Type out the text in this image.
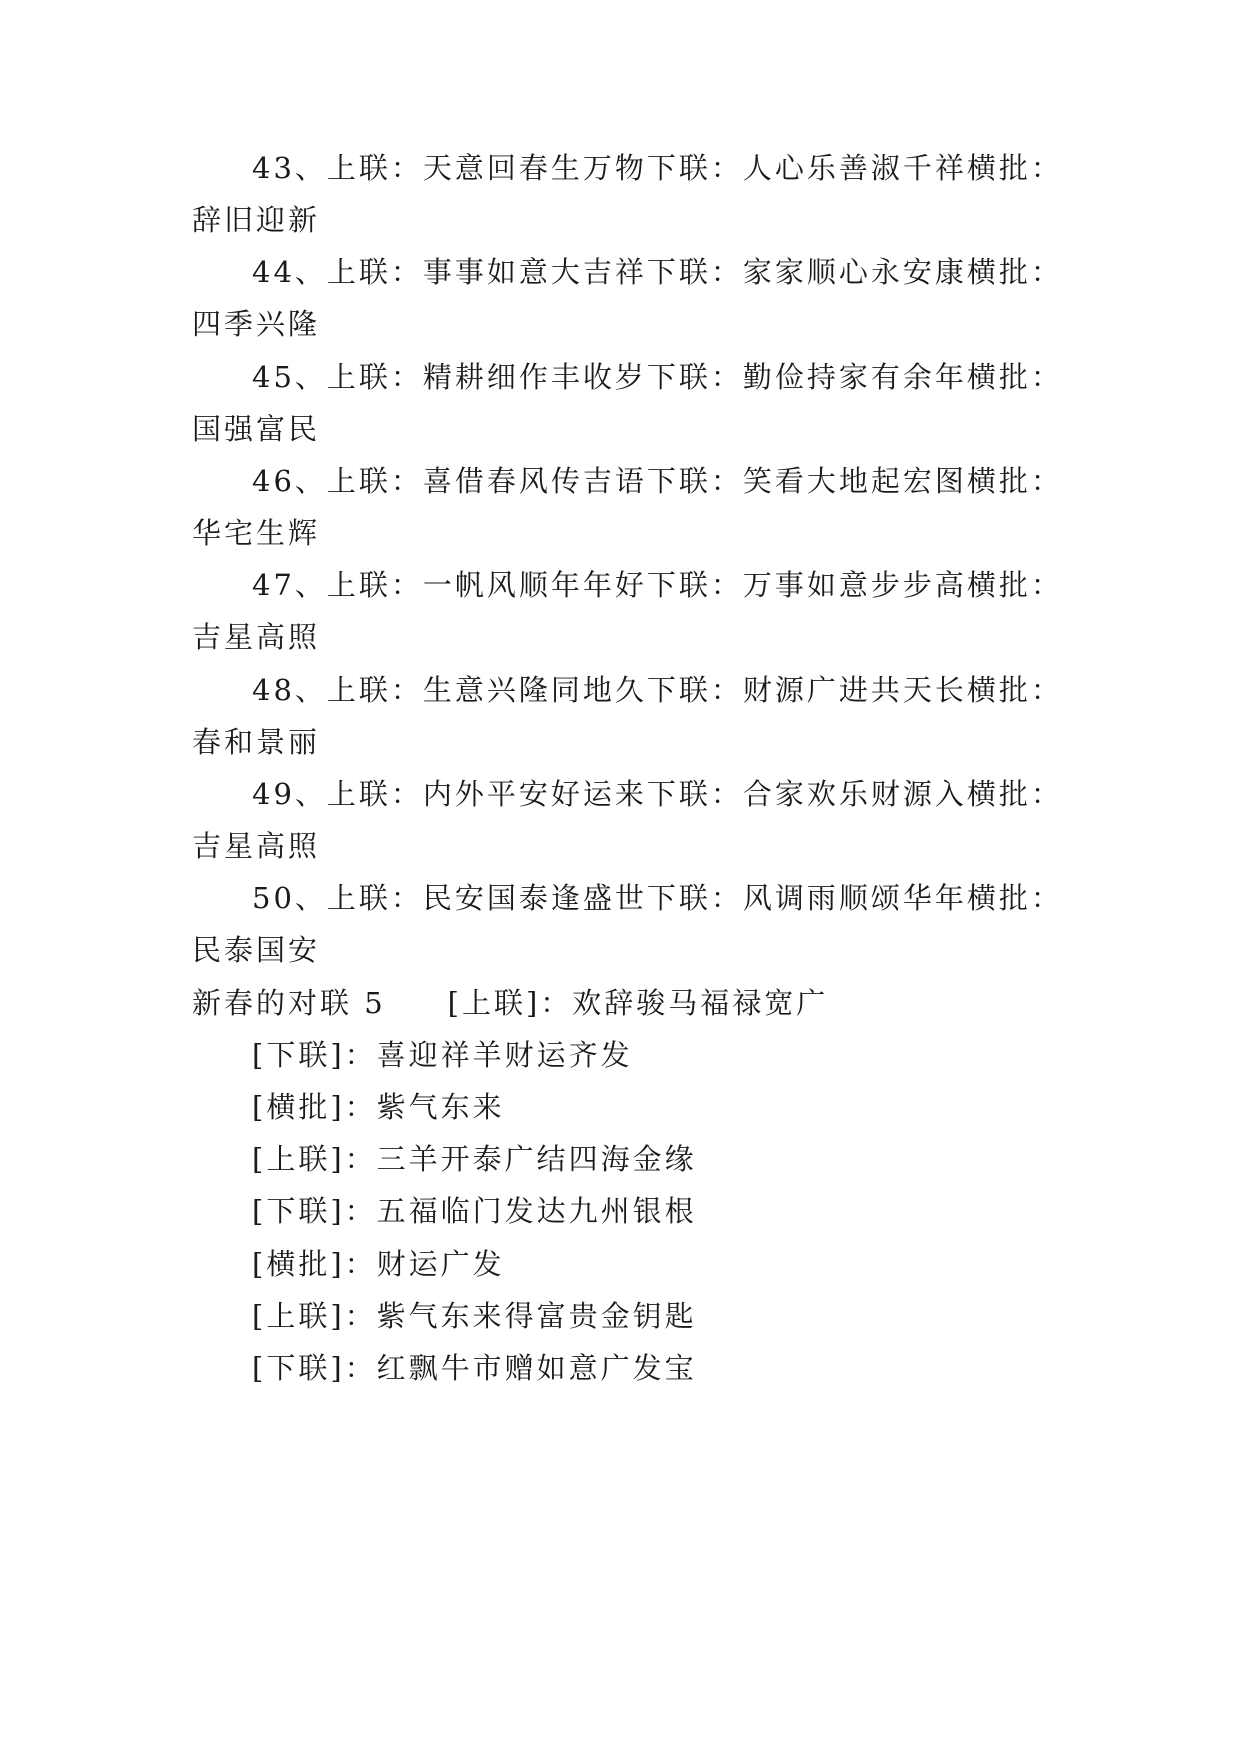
43、上联：天意回春生万物下联：人心乐善淑千祥横批：
辞旧迎新
44、上联：事事如意大吉祥下联：家家顺心永安康横批：
四季兴隆
45、上联：精耕细作丰收岁下联：勤俭持家有余年横批：
国强富民
46、上联：喜借春风传吉语下联：笑看大地起宏图横批：
华宅生辉
47、上联：一帆风顺年年好下联：万事如意步步高横批：
吉星高照
48、上联：生意兴隆同地久下联：财源广进共天长横批：
春和景丽
49、上联：内外平安好运来下联：合家欢乐财源入横批：
吉星高照
50、上联：民安国泰逢盛世下联：风调雨顺颂华年横批：
民泰国安
新春的对联 5 [上联]：欢辞骏马福禄宽广
[下联]：喜迎祥羊财运齐发
[横批]：紫气东来
[上联]：三羊开泰广结四海金缘
[下联]：五福临门发达九州银根
[横批]：财运广发
[上联]：紫气东来得富贵金钥匙
[下联]：红飘牛市赠如意广发宝
